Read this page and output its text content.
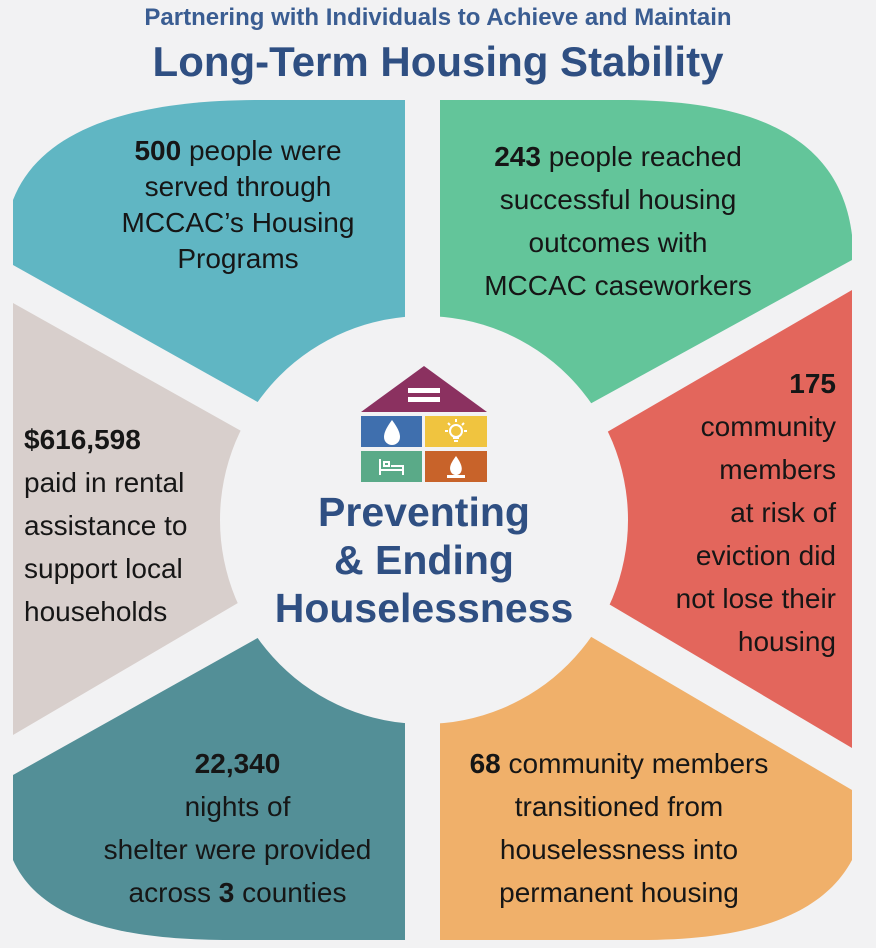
Partnering with Individuals to Achieve and Maintain
Long-Term Housing Stability
Preventing
& Ending
Houselessness
500 people were
served through
MCCAC’s Housing
Programs
243 people reached
successful housing
outcomes with
MCCAC caseworkers
175
community
members
at risk of
eviction did
not lose their
housing
$616,598
paid in rental
assistance to
support local
households
22,340
nights of
shelter were provided
across 3 counties
68 community members
transitioned from
houselessness into
permanent housing
